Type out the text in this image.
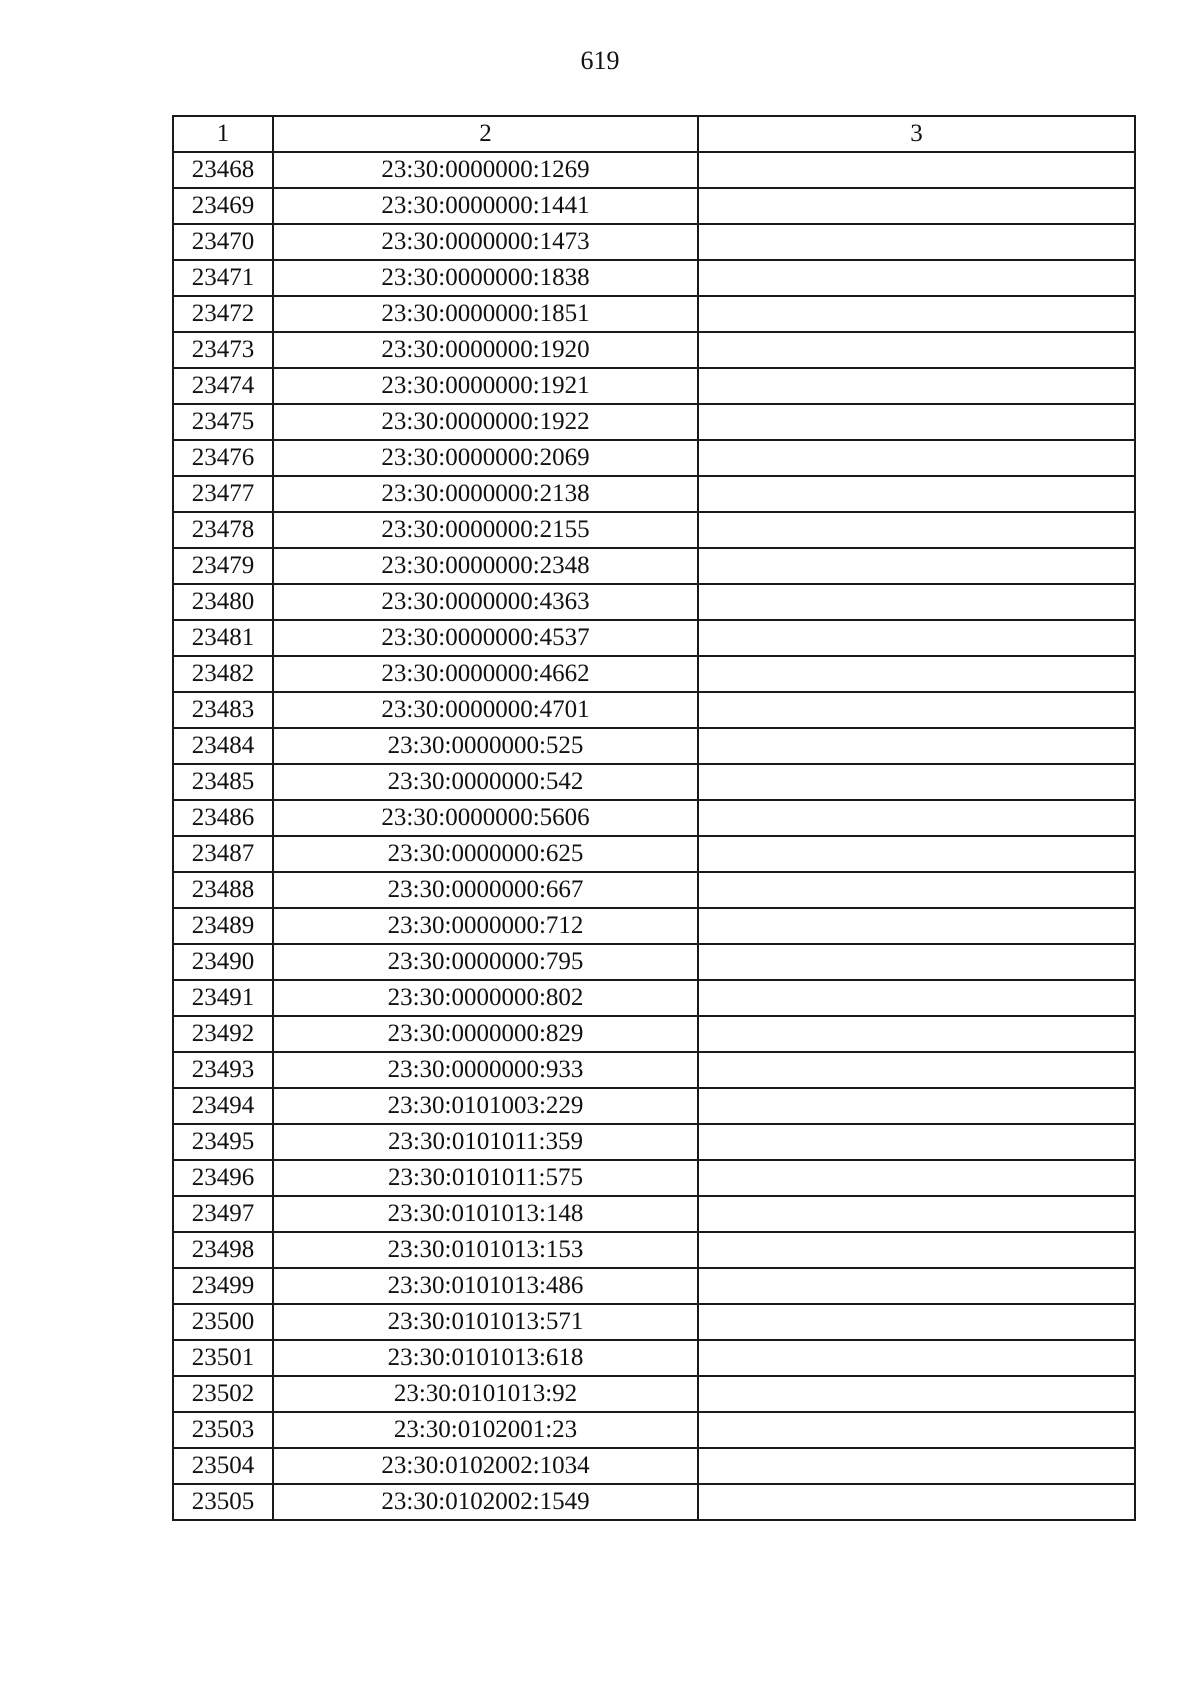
619
1	2	3
23468	23:30:0000000:1269	
23469	23:30:0000000:1441	
23470	23:30:0000000:1473	
23471	23:30:0000000:1838	
23472	23:30:0000000:1851	
23473	23:30:0000000:1920	
23474	23:30:0000000:1921	
23475	23:30:0000000:1922	
23476	23:30:0000000:2069	
23477	23:30:0000000:2138	
23478	23:30:0000000:2155	
23479	23:30:0000000:2348	
23480	23:30:0000000:4363	
23481	23:30:0000000:4537	
23482	23:30:0000000:4662	
23483	23:30:0000000:4701	
23484	23:30:0000000:525	
23485	23:30:0000000:542	
23486	23:30:0000000:5606	
23487	23:30:0000000:625	
23488	23:30:0000000:667	
23489	23:30:0000000:712	
23490	23:30:0000000:795	
23491	23:30:0000000:802	
23492	23:30:0000000:829	
23493	23:30:0000000:933	
23494	23:30:0101003:229	
23495	23:30:0101011:359	
23496	23:30:0101011:575	
23497	23:30:0101013:148	
23498	23:30:0101013:153	
23499	23:30:0101013:486	
23500	23:30:0101013:571	
23501	23:30:0101013:618	
23502	23:30:0101013:92	
23503	23:30:0102001:23	
23504	23:30:0102002:1034	
23505	23:30:0102002:1549	
